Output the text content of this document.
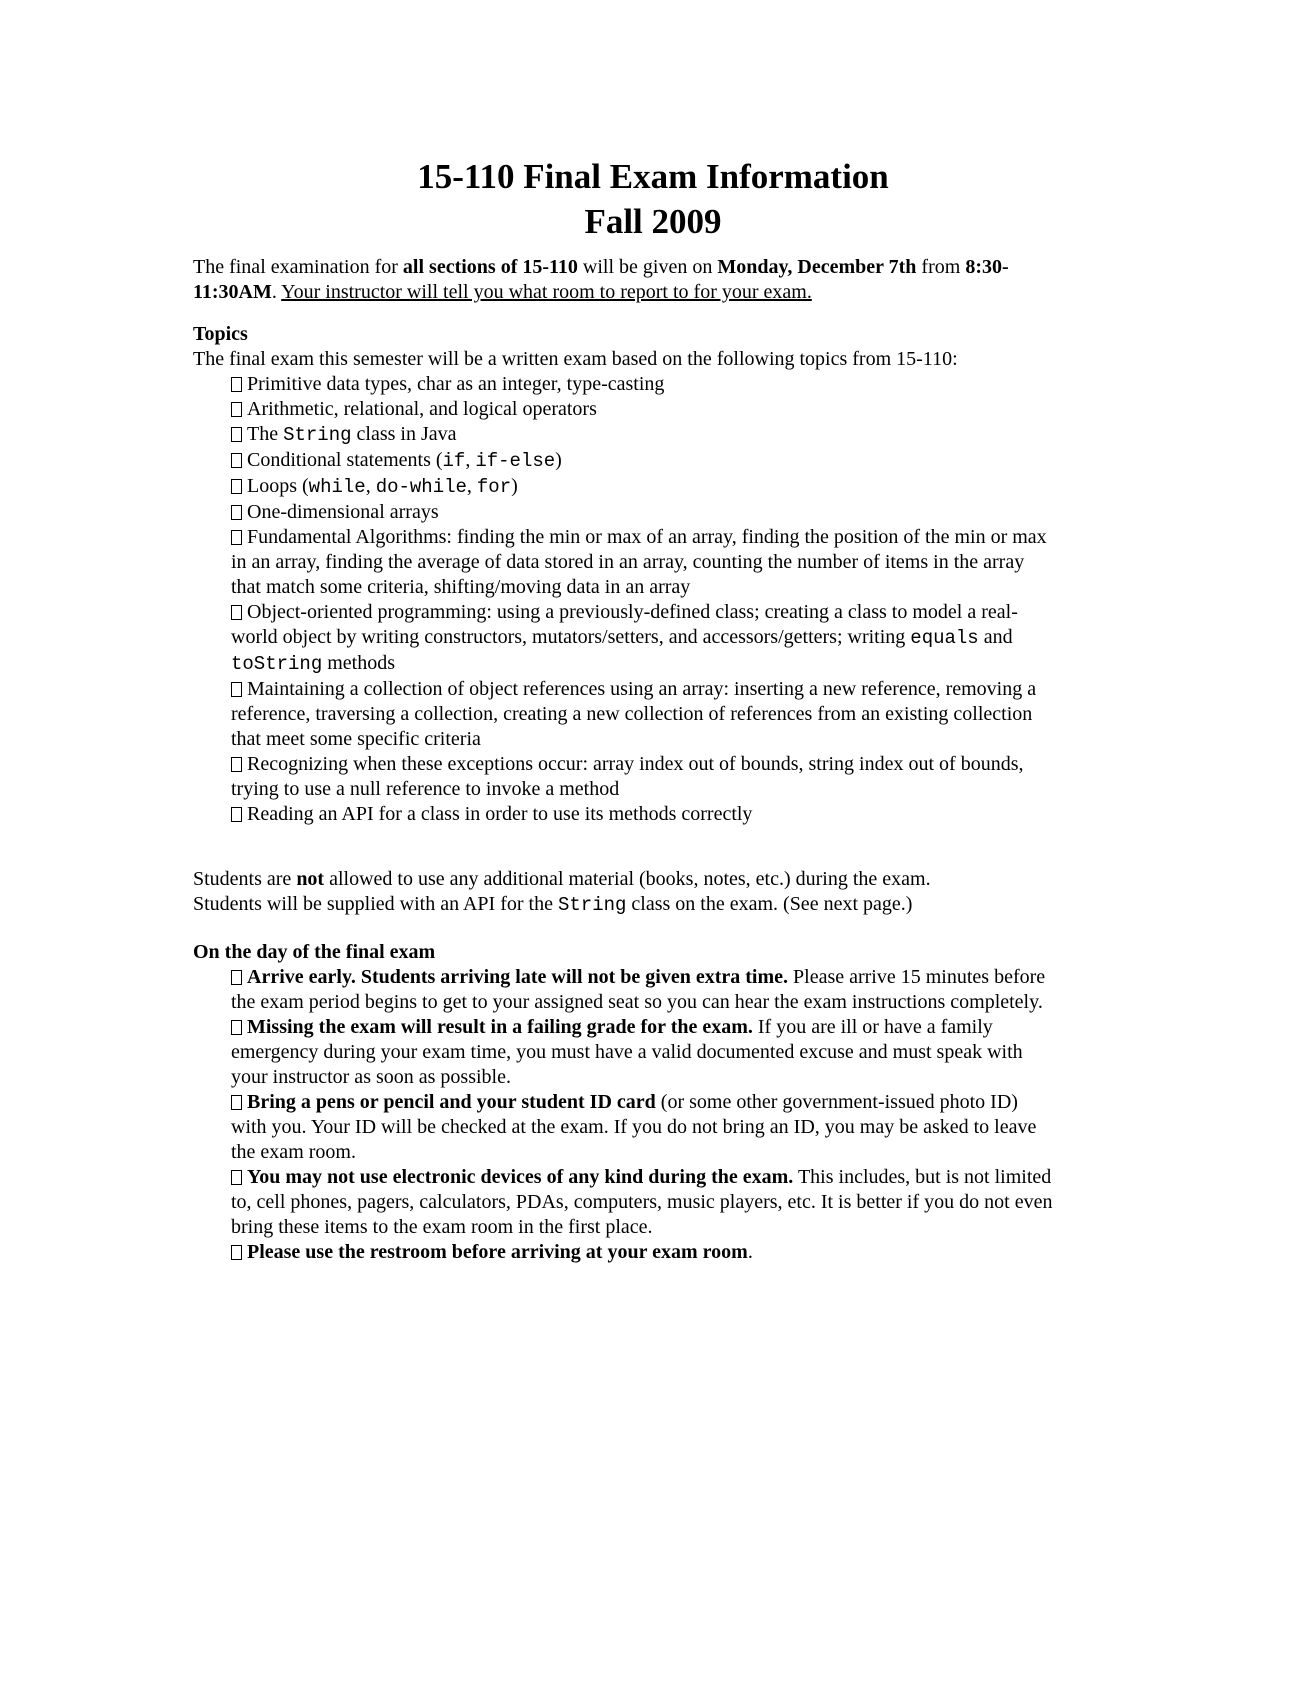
15-110 Final Exam Information
Fall 2009
The final examination for all sections of 15-110 will be given on Monday, December 7th from 8:30-11:30AM. Your instructor will tell you what room to report to for your exam.
Topics
The final exam this semester will be a written exam based on the following topics from 15-110:
Primitive data types, char as an integer, type-casting
Arithmetic, relational, and logical operators
The String class in Java
Conditional statements (if, if-else)
Loops (while, do-while, for)
One-dimensional arrays
Fundamental Algorithms: finding the min or max of an array, finding the position of the min or max in an array, finding the average of data stored in an array, counting the number of items in the array that match some criteria, shifting/moving data in an array
Object-oriented programming: using a previously-defined class; creating a class to model a real-world object by writing constructors, mutators/setters, and accessors/getters; writing equals and toString methods
Maintaining a collection of object references using an array: inserting a new reference, removing a reference, traversing a collection, creating a new collection of references from an existing collection that meet some specific criteria
Recognizing when these exceptions occur: array index out of bounds, string index out of bounds, trying to use a null reference to invoke a method
Reading an API for a class in order to use its methods correctly
Students are not allowed to use any additional material (books, notes, etc.) during the exam.
Students will be supplied with an API for the String class on the exam. (See next page.)
On the day of the final exam
Arrive early. Students arriving late will not be given extra time. Please arrive 15 minutes before the exam period begins to get to your assigned seat so you can hear the exam instructions completely.
Missing the exam will result in a failing grade for the exam. If you are ill or have a family emergency during your exam time, you must have a valid documented excuse and must speak with your instructor as soon as possible.
Bring a pens or pencil and your student ID card (or some other government-issued photo ID) with you. Your ID will be checked at the exam. If you do not bring an ID, you may be asked to leave the exam room.
You may not use electronic devices of any kind during the exam. This includes, but is not limited to, cell phones, pagers, calculators, PDAs, computers, music players, etc. It is better if you do not even bring these items to the exam room in the first place.
Please use the restroom before arriving at your exam room.
